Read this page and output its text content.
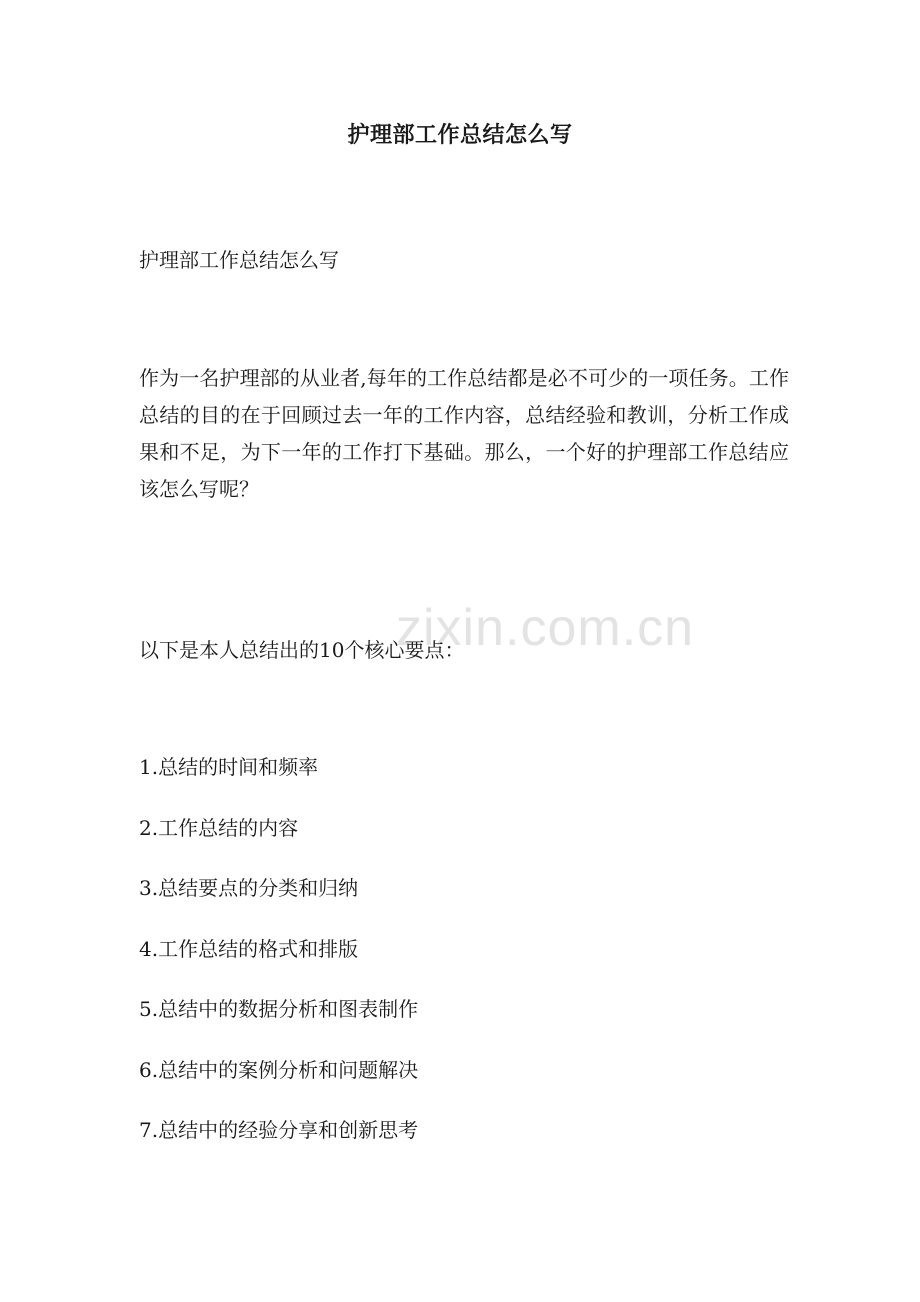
zixin.com.cn
护理部工作总结怎么写
护理部工作总结怎么写
作为一名护理部的从业者,每年的工作总结都是必不可少的一项任务。工作总结的目的在于回顾过去一年的工作内容，总结经验和教训，分析工作成果和不足，为下一年的工作打下基础。那么，一个好的护理部工作总结应该怎么写呢？
以下是本人总结出的10个核心要点：
1.总结的时间和频率
2.工作总结的内容
3.总结要点的分类和归纳
4.工作总结的格式和排版
5.总结中的数据分析和图表制作
6.总结中的案例分析和问题解决
7.总结中的经验分享和创新思考
